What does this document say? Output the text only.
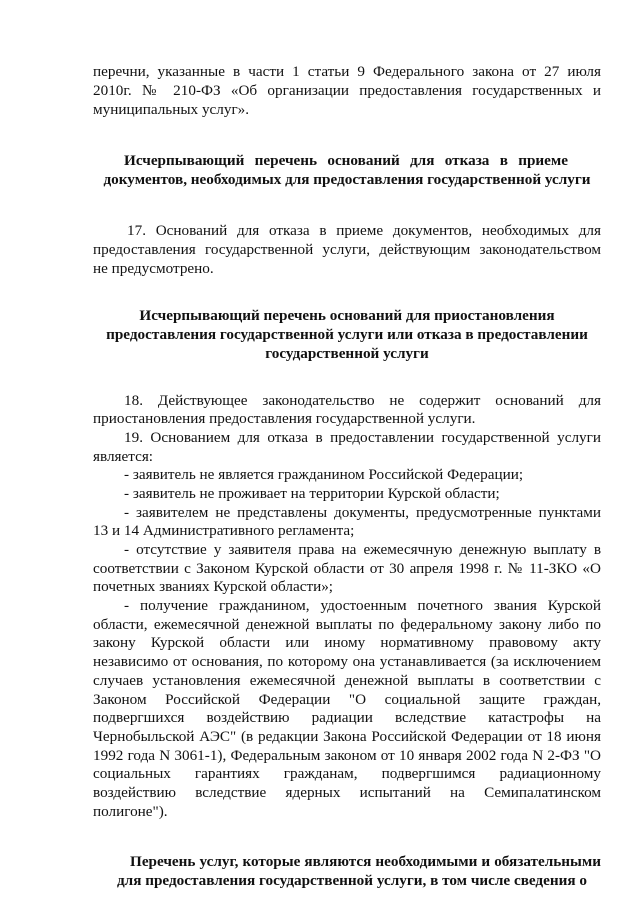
перечни, указанные в части 1 статьи 9 Федерального закона от 27 июля
2010г. № 210-ФЗ «Об организации предоставления государственных и
муниципальных услуг».
Исчерпывающий перечень оснований для отказа в приеме
документов, необходимых для предоставления государственной услуги
17. Оснований для отказа в приеме документов, необходимых для
предоставления государственной услуги, действующим законодательством
не предусмотрено.
Исчерпывающий перечень оснований для приостановления
предоставления государственной услуги или отказа в предоставлении
государственной услуги
18. Действующее законодательство не содержит оснований для
приостановления предоставления государственной услуги.
19. Основанием для отказа в предоставлении государственной услуги
является:
- заявитель не является гражданином Российской Федерации;
- заявитель не проживает на территории Курской области;
- заявителем не представлены документы, предусмотренные пунктами
13 и 14 Административного регламента;
- отсутствие у заявителя права на ежемесячную денежную выплату в
соответствии с Законом Курской области от 30 апреля 1998 г. № 11-ЗКО «О
почетных званиях Курской области»;
- получение гражданином, удостоенным почетного звания Курской
области, ежемесячной денежной выплаты по федеральному закону либо по
закону Курской области или иному нормативному правовому акту
независимо от основания, по которому она устанавливается (за исключением
случаев установления ежемесячной денежной выплаты в соответствии с
Законом Российской Федерации "О социальной защите граждан,
подвергшихся воздействию радиации вследствие катастрофы на
Чернобыльской АЭС" (в редакции Закона Российской Федерации от 18 июня
1992 года N 3061-1), Федеральным законом от 10 января 2002 года N 2-ФЗ "О
социальных гарантиях гражданам, подвергшимся радиационному
воздействию вследствие ядерных испытаний на Семипалатинском
полигоне").
Перечень услуг, которые являются необходимыми и обязательными
для предоставления государственной услуги, в том числе сведения о
